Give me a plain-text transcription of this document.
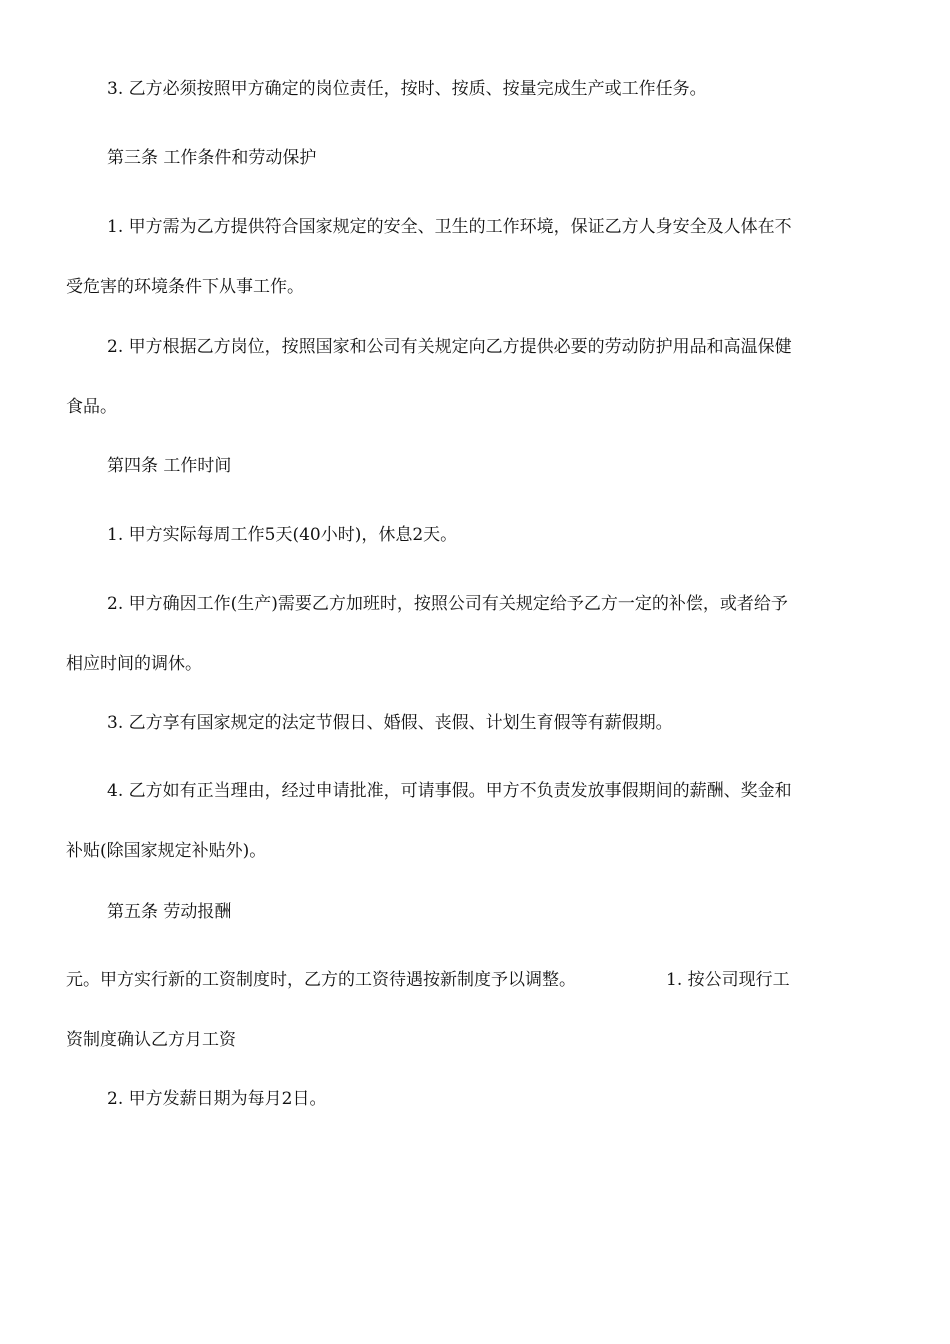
3. 乙方必须按照甲方确定的岗位责任，按时、按质、按量完成生产或工作任务。

第三条 工作条件和劳动保护

1. 甲方需为乙方提供符合国家规定的安全、卫生的工作环境，保证乙方人身安全及人体在不
受危害的环境条件下从事工作。

2. 甲方根据乙方岗位，按照国家和公司有关规定向乙方提供必要的劳动防护用品和高温保健
食品。

第四条 工作时间

1. 甲方实际每周工作5天(40小时)，休息2天。

2. 甲方确因工作(生产)需要乙方加班时，按照公司有关规定给予乙方一定的补偿，或者给予
相应时间的调休。

3. 乙方享有国家规定的法定节假日、婚假、丧假、计划生育假等有薪假期。

4. 乙方如有正当理由，经过申请批准，可请事假。甲方不负责发放事假期间的薪酬、奖金和
补贴(除国家规定补贴外)。

第五条 劳动报酬

元。甲方实行新的工资制度时，乙方的工资待遇按新制度予以调整。	1. 按公司现行工
资制度确认乙方月工资

2. 甲方发薪日期为每月2日。
